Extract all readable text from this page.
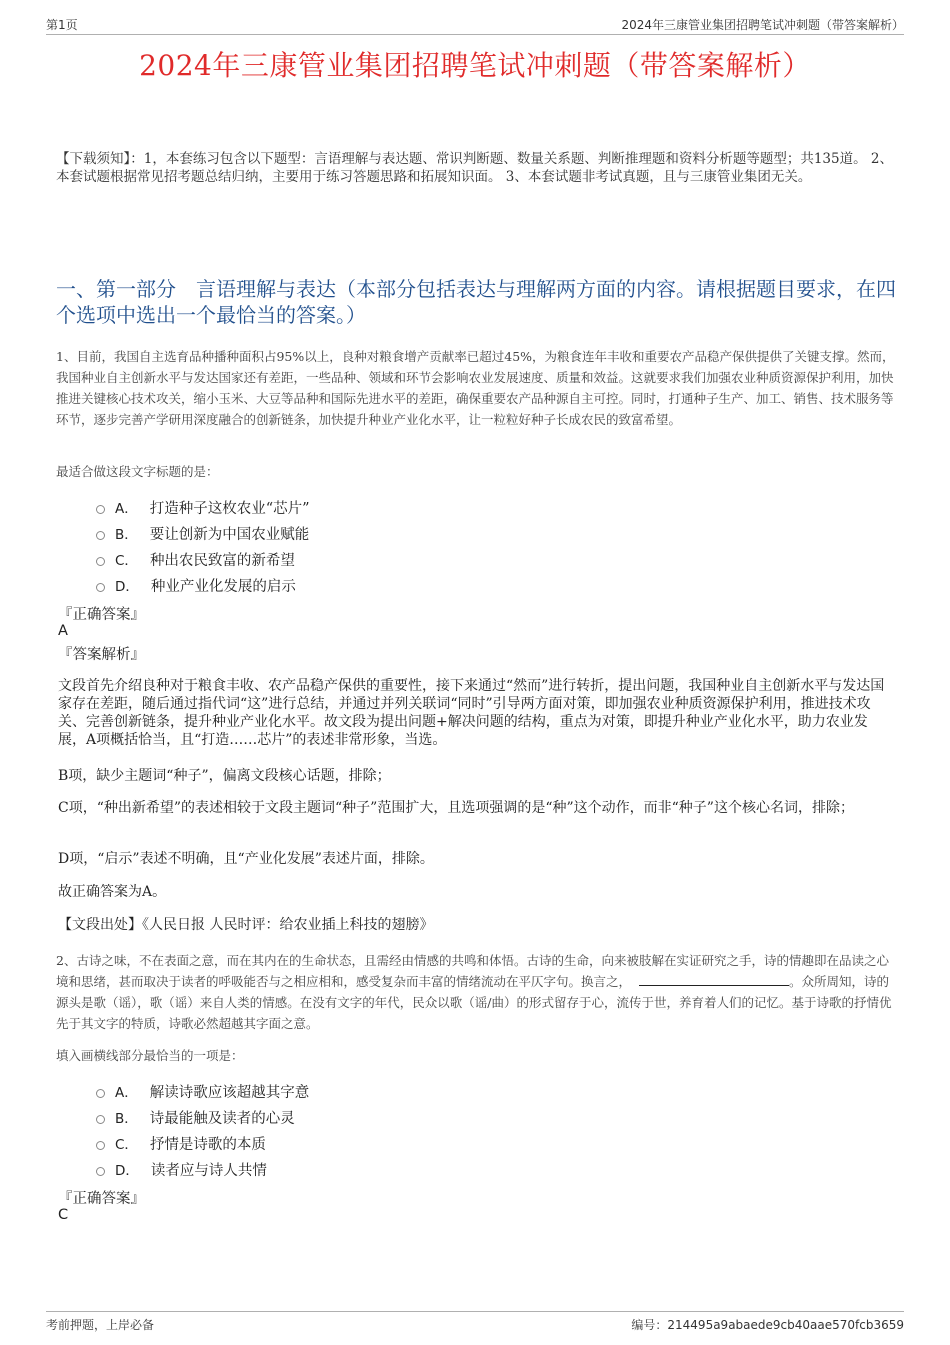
第1页	2024年三康管业集团招聘笔试冲刺题（带答案解析）
2024年三康管业集团招聘笔试冲刺题（带答案解析）
【下载须知】：1，本套练习包含以下题型：言语理解与表达题、常识判断题、数量关系题、判断推理题和资料分析题等题型；共135道。 2、本套试题根据常见招考题总结归纳，主要用于练习答题思路和拓展知识面。 3、本套试题非考试真题，且与三康管业集团无关。
一、第一部分　言语理解与表达（本部分包括表达与理解两方面的内容。请根据题目要求，在四个选项中选出一个最恰当的答案。）
1、目前，我国自主选育品种播种面积占95%以上，良种对粮食增产贡献率已超过45%，为粮食连年丰收和重要农产品稳产保供提供了关键支撑。然而，我国种业自主创新水平与发达国家还有差距，一些品种、领域和环节会影响农业发展速度、质量和效益。这就要求我们加强农业种质资源保护利用，加快推进关键核心技术攻关，缩小玉米、大豆等品种和国际先进水平的差距，确保重要农产品种源自主可控。同时，打通种子生产、加工、销售、技术服务等环节，逐步完善产学研用深度融合的创新链条，加快提升种业产业化水平，让一粒粒好种子长成农民的致富希望。
最适合做这段文字标题的是：
A． 打造种子这枚农业“芯片”
B． 要让创新为中国农业赋能
C． 种出农民致富的新希望
D． 种业产业化发展的启示
『正确答案』
A
『答案解析』
文段首先介绍良种对于粮食丰收、农产品稳产保供的重要性，接下来通过“然而”进行转折，提出问题，我国种业自主创新水平与发达国家存在差距，随后通过指代词“这”进行总结，并通过并列关联词“同时”引导两方面对策，即加强农业种质资源保护利用，推进技术攻关、完善创新链条，提升种业产业化水平。故文段为提出问题+解决问题的结构，重点为对策，即提升种业产业化水平，助力农业发展，A项概括恰当，且“打造……芯片”的表述非常形象，当选。
B项，缺少主题词“种子”，偏离文段核心话题，排除；
C项，“种出新希望”的表述相较于文段主题词“种子”范围扩大，且选项强调的是“种”这个动作，而非“种子”这个核心名词，排除；
D项，“启示”表述不明确，且“产业化发展”表述片面，排除。
故正确答案为A。
【文段出处】《人民日报 人民时评：给农业插上科技的翅膀》
2、古诗之味，不在表面之意，而在其内在的生命状态，且需经由情感的共鸣和体悟。古诗的生命，向来被肢解在实证研究之手，诗的情趣即在品读之心境和思绪，甚而取决于读者的呼吸能否与之相应相和，感受复杂而丰富的情绪流动在平仄字句。换言之，	。众所周知，诗的源头是歌（谣），歌（谣）来自人类的情感。在没有文字的年代，民众以歌（谣/曲）的形式留存于心，流传于世，养育着人们的记忆。基于诗歌的抒情优先于其文字的特质，诗歌必然超越其字面之意。
填入画横线部分最恰当的一项是：
A． 解读诗歌应该超越其字意
B． 诗最能触及读者的心灵
C． 抒情是诗歌的本质
D． 读者应与诗人共情
『正确答案』
C
考前押题，上岸必备	编号：214495a9abaede9cb40aae570fcb3659
